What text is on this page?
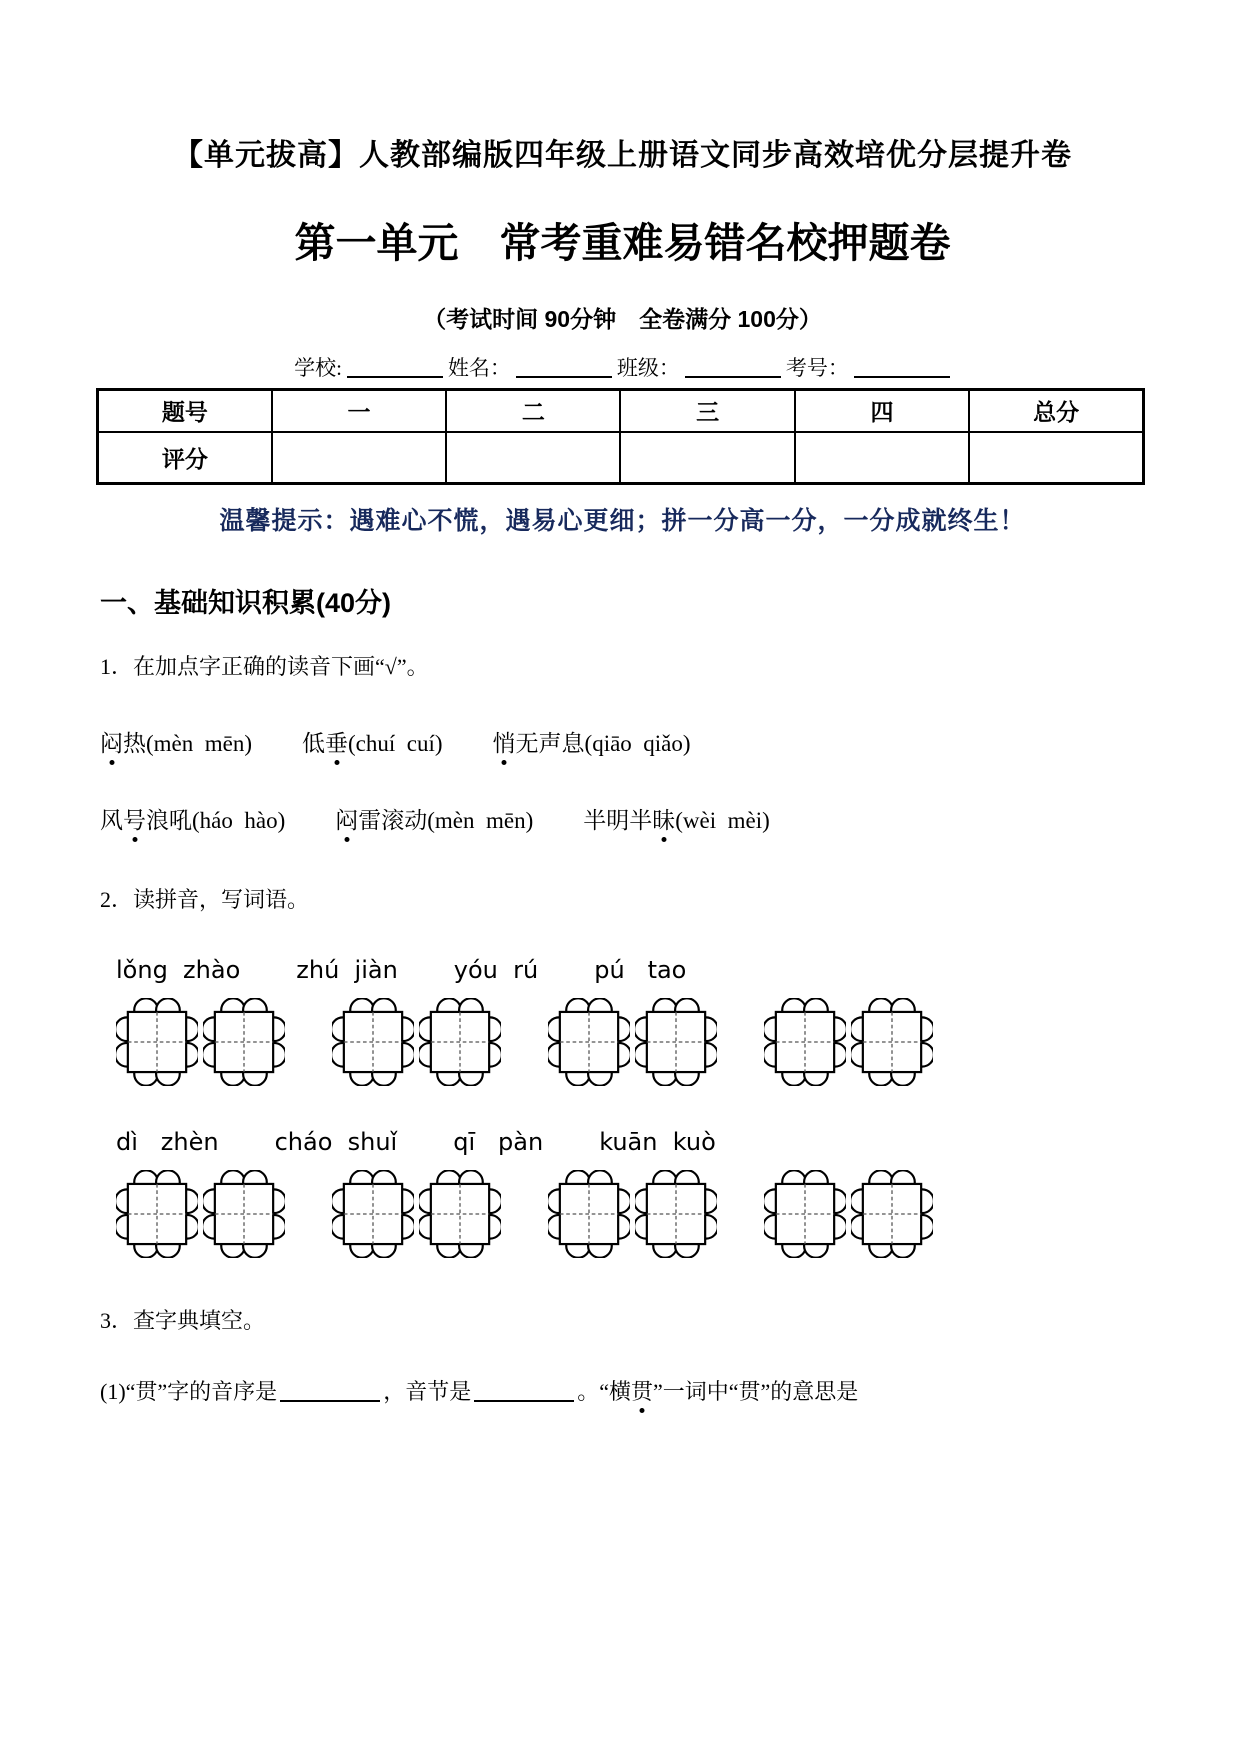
【单元拔高】人教部编版四年级上册语文同步高效培优分层提升卷
第一单元　常考重难易错名校押题卷
（考试时间 90分钟　全卷满分 100分）
学校:	姓名：	班级：	考号：
题号	一	二	三	四	总分
评分					
温馨提示：遇难心不慌，遇易心更细；拼一分高一分，一分成就终生！
一、基础知识积累(40分)
1．在加点字正确的读音下画“√”。
闷热(mèn  mēn) 低垂(chuí  cuí) 悄无声息(qiāo  qiǎo)
风号浪吼(háo  hào) 闷雷滚动(mèn  mēn) 半明半昧(wèi  mèi)
2．读拼音，写词语。
lǒng  zhào zhú  jiàn yóu  rú pú   tao
dì   zhèn cháo  shuǐ qī   pàn kuān  kuò
3．查字典填空。
(1)“贯”字的音序是	，音节是	。“横贯”一词中“贯”的意思是
